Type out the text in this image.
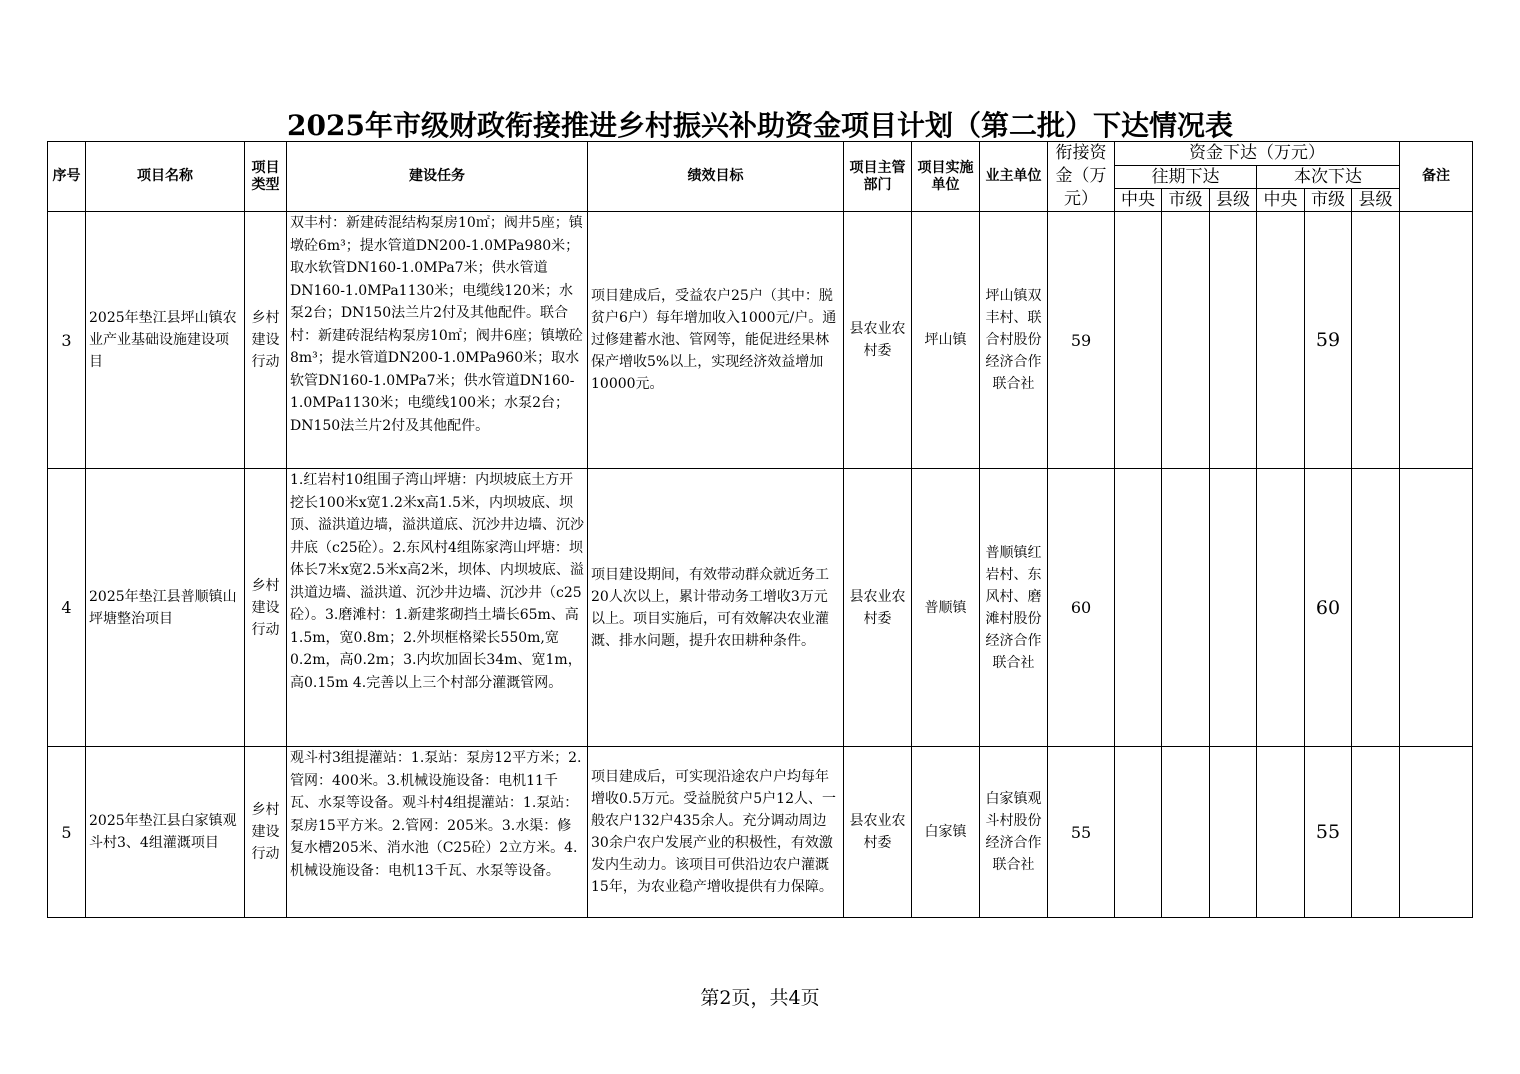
2025年市级财政衔接推进乡村振兴补助资金项目计划（第二批）下达情况表
序号	项目名称	项目类型	建设任务	绩效目标	项目主管部门	项目实施单位	业主单位	衔接资金（万元）	资金下达（万元）						备注
									往期下达			本次下达			
									中央	市级	县级	中央	市级	县级	
3	2025年垫江县坪山镇农业产业基础设施建设项目	乡村建设行动	双丰村：新建砖混结构泵房10㎡；阀井5座；镇墩砼6m³；提水管道DN200-1.0MPa980米；取水软管DN160-1.0MPa7米；供水管道DN160-1.0MPa1130米；电缆线120米；水泵2台；DN150法兰片2付及其他配件。联合村：新建砖混结构泵房10㎡；阀井6座；镇墩砼8m³；提水管道DN200-1.0MPa960米；取水软管DN160-1.0MPa7米；供水管道DN160-1.0MPa1130米；电缆线100米；水泵2台；DN150法兰片2付及其他配件。	项目建成后，受益农户25户（其中：脱贫户6户）每年增加收入1000元/户。通过修建蓄水池、管网等，能促进经果林保产增收5%以上，实现经济效益增加10000元。	县农业农村委	坪山镇	坪山镇双丰村、联合村股份经济合作联合社	59					59		
4	2025年垫江县普顺镇山坪塘整治项目	乡村建设行动	1.红岩村10组围子湾山坪塘：内坝坡底土方开挖长100米x宽1.2米x高1.5米，内坝坡底、坝顶、溢洪道边墙，溢洪道底、沉沙井边墙、沉沙井底（c25砼）。2.东风村4组陈家湾山坪塘：坝体长7米x宽2.5米x高2米，坝体、内坝坡底、溢洪道边墙、溢洪道、沉沙井边墙、沉沙井（c25砼）。3.磨滩村：1.新建浆砌挡土墙长65m、高1.5m，宽0.8m；2.外坝框格梁长550m,宽0.2m，高0.2m；3.内坎加固长34m、宽1m，高0.15m 4.完善以上三个村部分灌溉管网。	项目建设期间，有效带动群众就近务工20人次以上，累计带动务工增收3万元以上。项目实施后，可有效解决农业灌溉、排水问题，提升农田耕种条件。	县农业农村委	普顺镇	普顺镇红岩村、东风村、磨滩村股份经济合作联合社	60					60		
5	2025年垫江县白家镇观斗村3、4组灌溉项目	乡村建设行动	观斗村3组提灌站：1.泵站：泵房12平方米；2.管网：400米。3.机械设施设备：电机11千瓦、水泵等设备。观斗村4组提灌站：1.泵站：泵房15平方米。2.管网：205米。3.水渠：修复水槽205米、消水池（C25砼）2立方米。4.机械设施设备：电机13千瓦、水泵等设备。	项目建成后，可实现沿途农户户均每年增收0.5万元。受益脱贫户5户12人、一般农户132户435余人。充分调动周边30余户农户发展产业的积极性，有效激发内生动力。该项目可供沿边农户灌溉15年，为农业稳产增收提供有力保障。	县农业农村委	白家镇	白家镇观斗村股份经济合作联合社	55					55		
第2页，共4页
